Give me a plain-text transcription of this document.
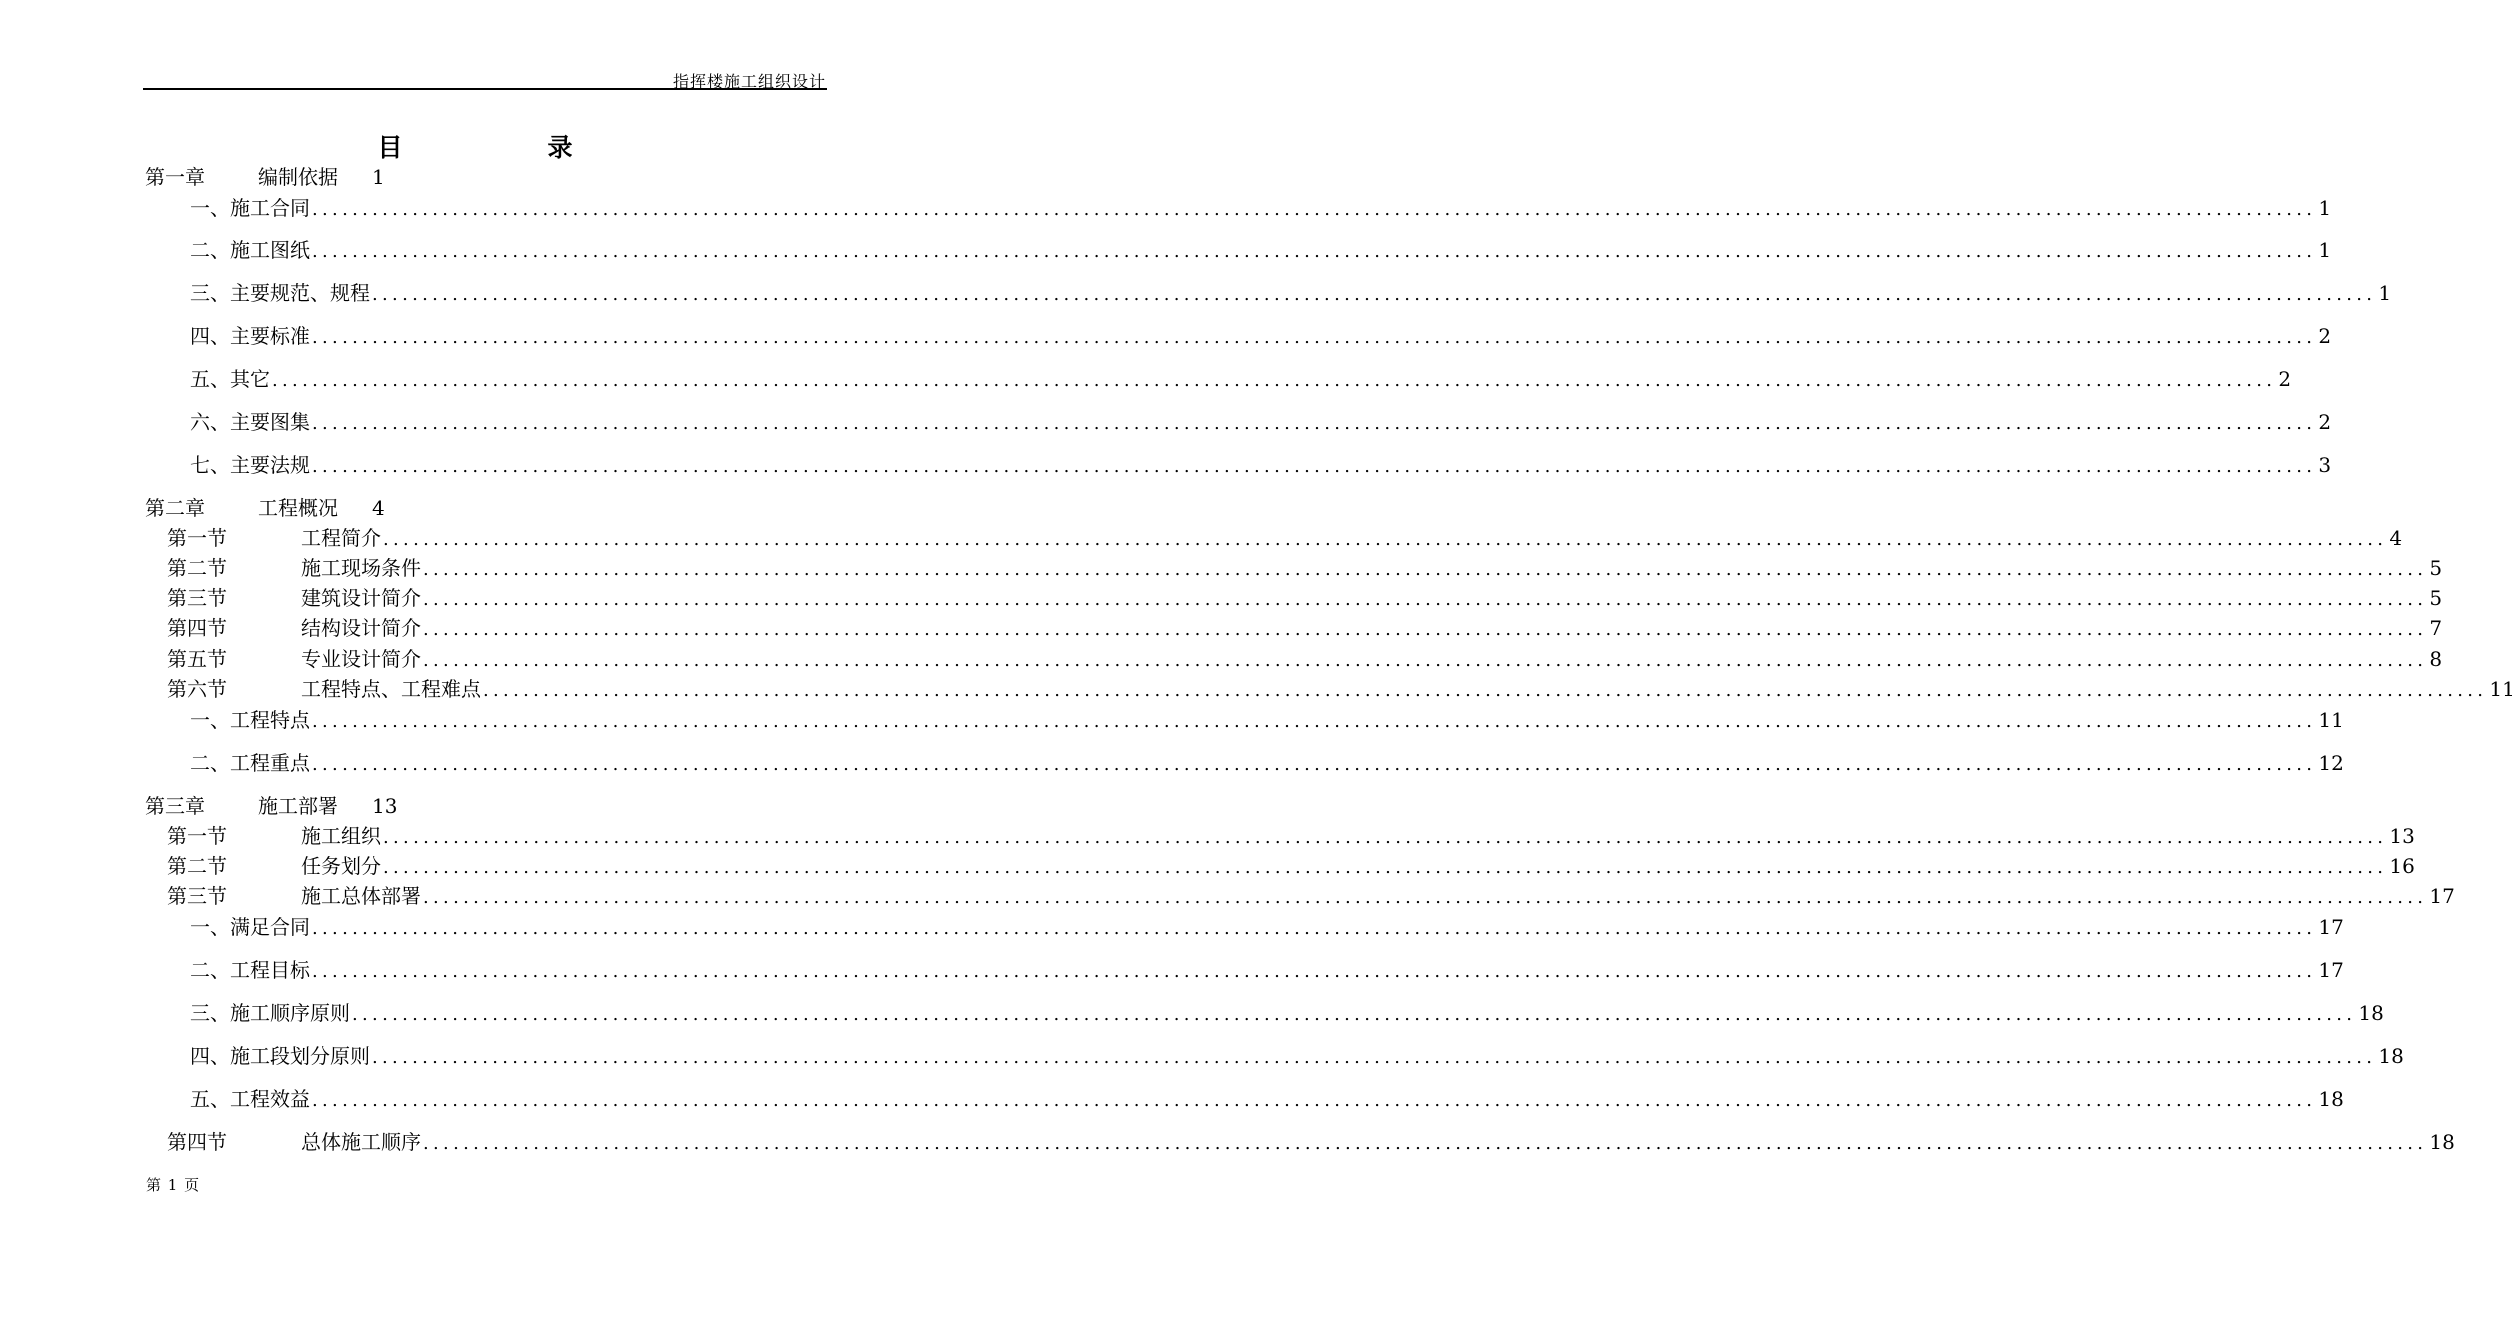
指挥楼施工组织设计
目　录
第一章	编制依据 1
一、施工合同 ........................................................................................................................................................................................................ 1
二、施工图纸 ........................................................................................................................................................................................................ 1
三、主要规范、规程 ........................................................................................................................................................................................................ 1
四、主要标准 ........................................................................................................................................................................................................ 2
五、其它 ........................................................................................................................................................................................................ 2
六、主要图集 ........................................................................................................................................................................................................ 2
七、主要法规 ........................................................................................................................................................................................................ 3
第二章	工程概况 4
第一节	工程简介 ........................................................................................................................................................................................................ 4
第二节	施工现场条件 ........................................................................................................................................................................................................ 5
第三节	建筑设计简介 ........................................................................................................................................................................................................ 5
第四节	结构设计简介 ........................................................................................................................................................................................................ 7
第五节	专业设计简介 ........................................................................................................................................................................................................ 8
第六节	工程特点、工程难点 ........................................................................................................................................................................................................ 11
一、工程特点 ........................................................................................................................................................................................................ 11
二、工程重点 ........................................................................................................................................................................................................ 12
第三章	施工部署 13
第一节	施工组织 ........................................................................................................................................................................................................ 13
第二节	任务划分 ........................................................................................................................................................................................................ 16
第三节	施工总体部署 ........................................................................................................................................................................................................ 17
一、满足合同 ........................................................................................................................................................................................................ 17
二、工程目标 ........................................................................................................................................................................................................ 17
三、施工顺序原则 ........................................................................................................................................................................................................ 18
四、施工段划分原则 ........................................................................................................................................................................................................ 18
五、工程效益 ........................................................................................................................................................................................................ 18
第四节	总体施工顺序 ........................................................................................................................................................................................................ 18
第 1 页
